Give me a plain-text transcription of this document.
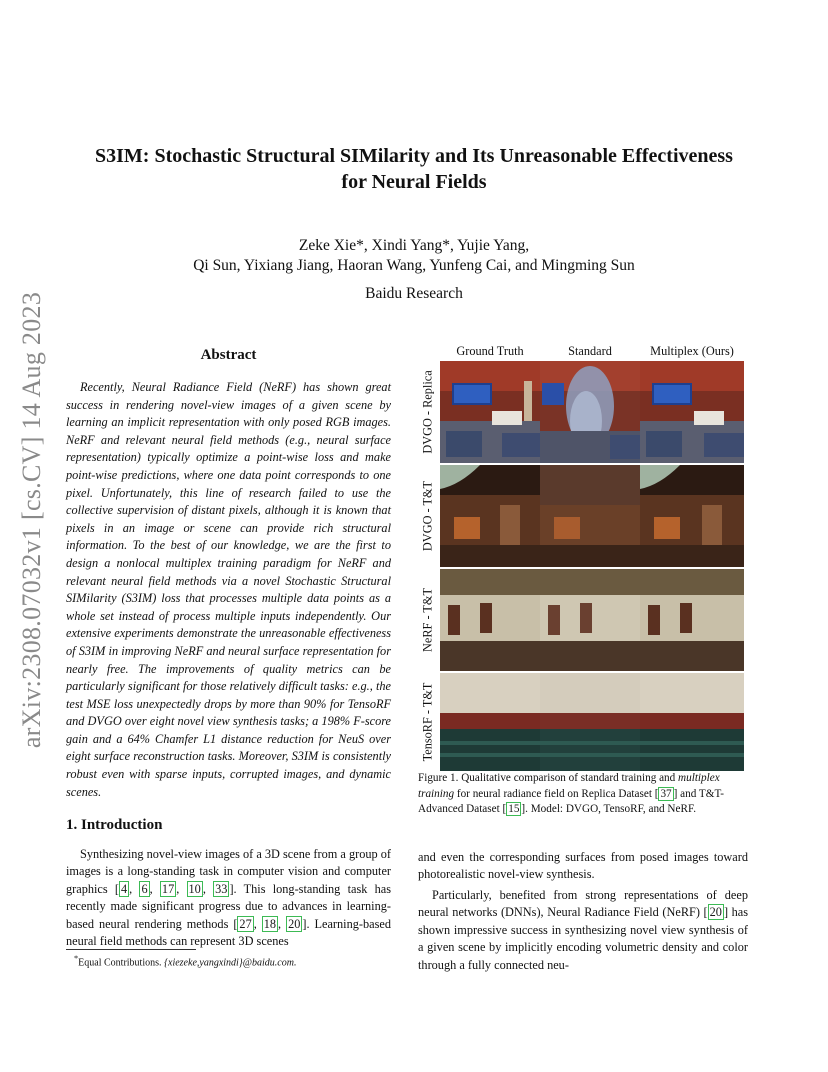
arXiv:2308.07032v1 [cs.CV] 14 Aug 2023
S3IM: Stochastic Structural SIMilarity and Its Unreasonable Effectiveness
for Neural Fields
Zeke Xie*, Xindi Yang*, Yujie Yang,
Qi Sun, Yixiang Jiang, Haoran Wang, Yunfeng Cai, and Mingming Sun
Baidu Research
Abstract

Recently, Neural Radiance Field (NeRF) has shown great success in rendering novel-view images of a given scene by learning an implicit representation with only posed RGB images. NeRF and relevant neural field methods (e.g., neural surface representation) typically optimize a point-wise loss and make point-wise predictions, where one data point corresponds to one pixel. Unfortunately, this line of research failed to use the collective supervision of distant pixels, although it is known that pixels in an image or scene can provide rich structural information. To the best of our knowledge, we are the first to design a nonlocal multiplex training paradigm for NeRF and relevant neural field methods via a novel Stochastic Structural SIMilarity (S3IM) loss that processes multiple data points as a whole set instead of process multiple inputs independently. Our extensive experiments demonstrate the unreasonable effectiveness of S3IM in improving NeRF and neural surface representation for nearly free. The improvements of quality metrics can be particularly significant for those relatively difficult tasks: e.g., the test MSE loss unexpectedly drops by more than 90% for TensoRF and DVGO over eight novel view synthesis tasks; a 198% F-score gain and a 64% Chamfer L1 distance reduction for NeuS over eight surface reconstruction tasks. Moreover, S3IM is consistently robust even with sparse inputs, corrupted images, and dynamic scenes.

1. Introduction

Synthesizing novel-view images of a 3D scene from a group of images is a long-standing task in computer vision and computer graphics [ 4 , 6 , 17 , 10 , 33 ]. This long-standing task has recently made significant progress due to advances in learning-based neural rendering methods [ 27 , 18 , 20 ]. Learning-based neural field methods can represent 3D scenes

*Equal Contributions. {xiezeke,yangxindi}@baidu.com.
Ground Truth	Standard	Multiplex (Ours)
DVGO - Replica
DVGO - T&T
NeRF - T&T
TensoRF - T&T

Figure 1. Qualitative comparison of standard training and multiplex training for neural radiance field on Replica Dataset [ 37 ] and T&T-Advanced Dataset [ 15 ]. Model: DVGO, TensoRF, and NeRF.

and even the corresponding surfaces from posed images toward photorealistic novel-view synthesis.

Particularly, benefited from strong representations of deep neural networks (DNNs), Neural Radiance Field (NeRF) [ 20 ] has shown impressive success in synthesizing novel view synthesis of a given scene by implicitly encoding volumetric density and color through a fully connected neu-
